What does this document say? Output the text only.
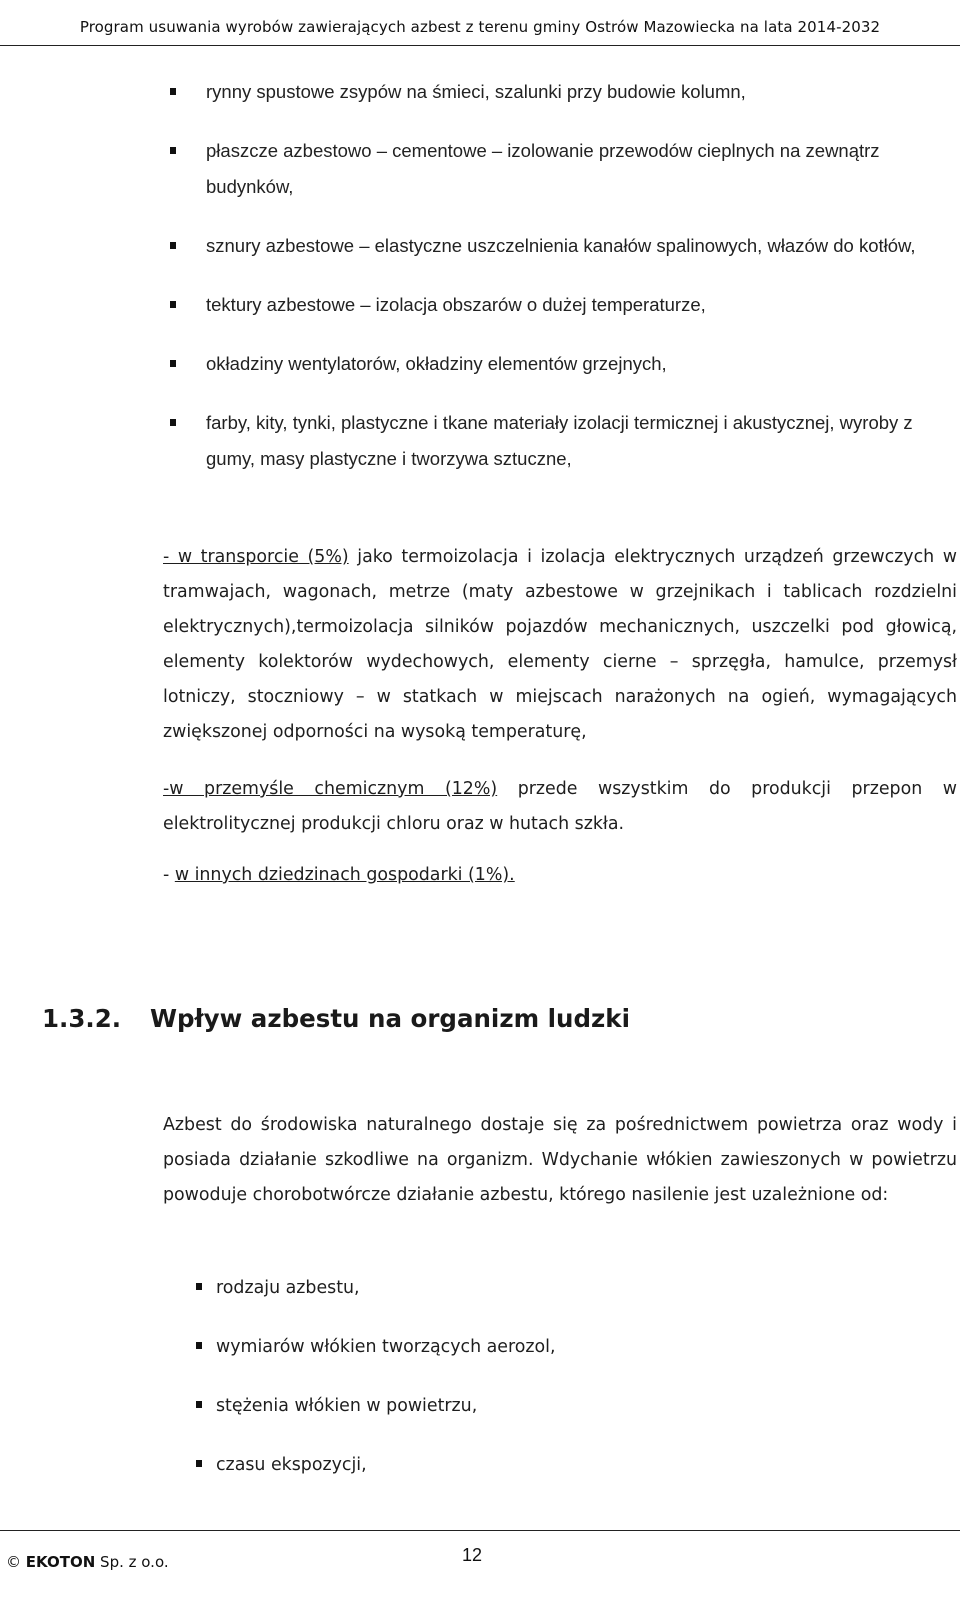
Program usuwania wyrobów zawierających azbest z terenu gminy Ostrów Mazowiecka na lata 2014-2032
rynny spustowe zsypów na śmieci, szalunki przy budowie kolumn,
płaszcze azbestowo – cementowe – izolowanie przewodów cieplnych na zewnątrz budynków,
sznury azbestowe – elastyczne uszczelnienia kanałów spalinowych, włazów do kotłów,
tektury azbestowe – izolacja obszarów o dużej temperaturze,
okładziny wentylatorów, okładziny elementów grzejnych,
farby, kity, tynki, plastyczne i tkane materiały izolacji termicznej i akustycznej, wyroby z gumy, masy plastyczne i tworzywa sztuczne,

- w transporcie (5%) jako termoizolacja i izolacja elektrycznych urządzeń grzewczych w tramwajach, wagonach, metrze (maty azbestowe w grzejnikach i tablicach rozdzielni elektrycznych),termoizolacja silników pojazdów mechanicznych, uszczelki pod głowicą, elementy kolektorów wydechowych, elementy cierne – sprzęgła, hamulce, przemysł lotniczy, stoczniowy – w statkach w miejscach narażonych na ogień, wymagających zwiększonej odporności na wysoką temperaturę,

-w przemyśle chemicznym (12%) przede wszystkim do produkcji przepon w elektrolitycznej produkcji chloru oraz w hutach szkła.

- w innych dziedzinach gospodarki (1%).

1.3.2. Wpływ azbestu na organizm ludzki

Azbest do środowiska naturalnego dostaje się za pośrednictwem powietrza oraz wody i posiada działanie szkodliwe na organizm. Wdychanie włókien zawieszonych w powietrzu powoduje chorobotwórcze działanie azbestu, którego nasilenie jest uzależnione od:

rodzaju azbestu,
wymiarów włókien tworzących aerozol,
stężenia włókien w powietrzu,
czasu ekspozycji,
© EKOTON Sp. z o.o.	12
